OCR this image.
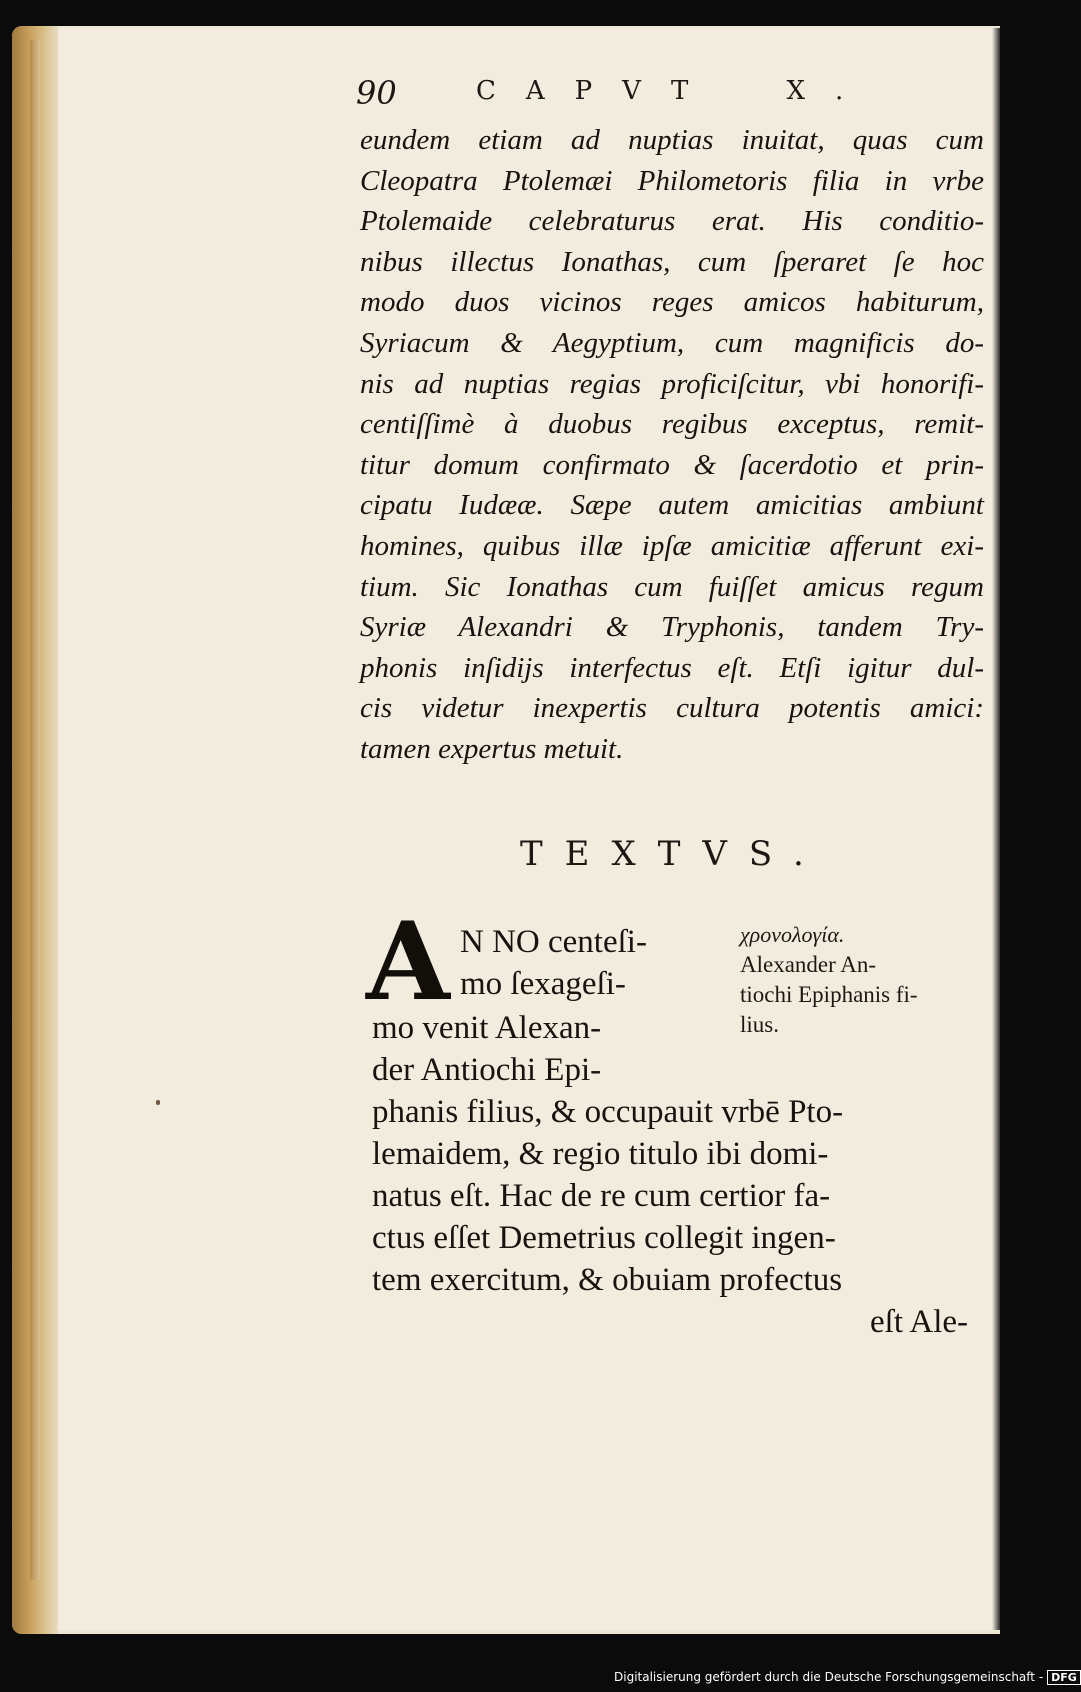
90	CAPVT X.
eundem etiam ad nuptias inuitat, quas cum
Cleopatra Ptolemæi Philometoris filia in vrbe
Ptolemaide celebraturus erat. His conditio-
nibus illectus Ionathas, cum ſperaret ſe hoc
modo duos vicinos reges amicos habiturum,
Syriacum & Aegyptium, cum magnificis do-
nis ad nuptias regias proficiſcitur, vbi honorifi-
centiſſimè à duobus regibus exceptus, remit-
titur domum confirmato & ſacerdotio et prin-
cipatu Iudææ. Sæpe autem amicitias ambiunt
homines, quibus illæ ipſæ amicitiæ afferunt exi-
tium. Sic Ionathas cum fuiſſet amicus regum
Syriæ Alexandri & Tryphonis, tandem Try-
phonis inſidijs interfectus eſt. Etſi igitur dul-
cis videtur inexpertis cultura potentis amici:
tamen expertus metuit.
TEXTVS.
A N NO centeſi-
mo ſexageſi-
mo venit Alexan-
der Antiochi Epi-
phanis filius, & occupauit vrbē Pto-
lemaidem, & regio titulo ibi domi-
natus eſt. Hac de re cum certior fa-
ctus eſſet Demetrius collegit ingen-
tem exercitum, & obuiam profectus
eſt Ale-
χρονολογία.
Alexander An-
tiochi Epiphanis fi-
lius.
Digitalisierung gefördert durch die Deutsche Forschungsgemeinschaft - DFG
